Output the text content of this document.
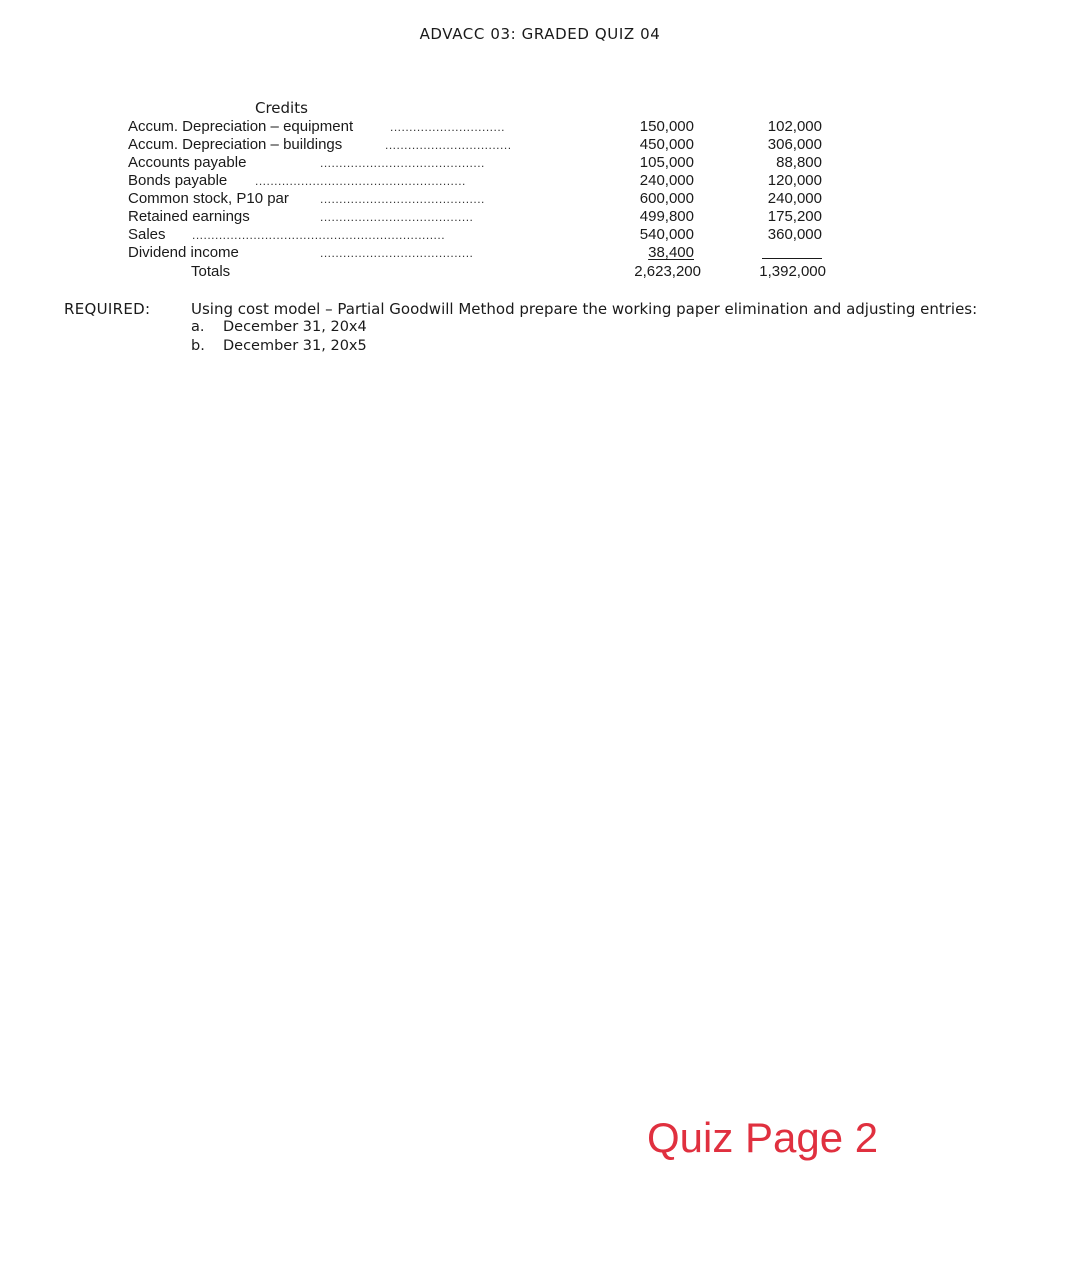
ADVACC 03: GRADED QUIZ 04
Credits
Accum. Depreciation – equipment	..............................	150,000	102,000
Accum. Depreciation – buildings	.................................	450,000	306,000
Accounts payable	...........................................	105,000	88,800
Bonds payable .......................................................	240,000	120,000
Common stock, P10 par	...........................................	600,000	240,000
Retained earnings	........................................	499,800	175,200
Sales ..................................................................	540,000	360,000
Dividend income	........................................	38,400
Totals	2,623,200	1,392,000
REQUIRED:	Using cost model – Partial Goodwill Method prepare the working paper elimination and adjusting entries:
a. December 31, 20x4
b. December 31, 20x5
Quiz Page 2
